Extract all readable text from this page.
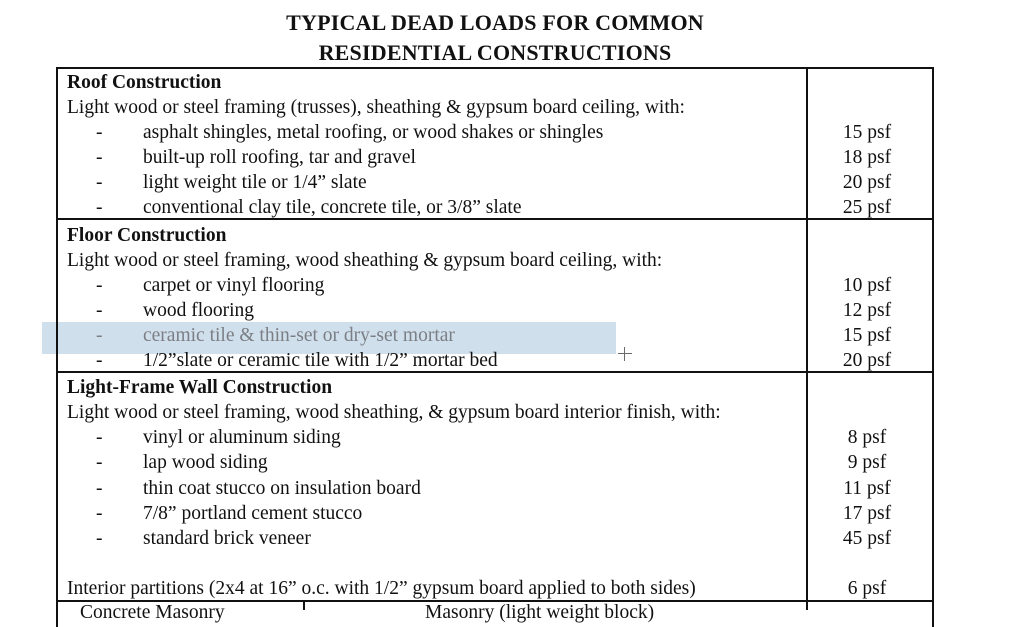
TYPICAL DEAD LOADS FOR COMMON
RESIDENTIAL CONSTRUCTIONS
Roof Construction
Light wood or steel framing (trusses), sheathing & gypsum board ceiling, with:
- asphalt shingles, metal roofing, or wood shakes or shingles	15 psf
- built-up roll roofing, tar and gravel	18 psf
- light weight tile or 1/4” slate	20 psf
- conventional clay tile, concrete tile, or 3/8” slate	25 psf
Floor Construction
Light wood or steel framing, wood sheathing & gypsum board ceiling, with:
- carpet or vinyl flooring	10 psf
- wood flooring	12 psf
- ceramic tile & thin-set or dry-set mortar	15 psf
- 1/2”slate or ceramic tile with 1/2” mortar bed	20 psf
Light-Frame Wall Construction
Light wood or steel framing, wood sheathing, & gypsum board interior finish, with:
- vinyl or aluminum siding	8 psf
- lap wood siding	9 psf
- thin coat stucco on insulation board	11 psf
- 7/8” portland cement stucco	17 psf
- standard brick veneer	45 psf
Interior partitions (2x4 at 16” o.c. with 1/2” gypsum board applied to both sides)	6 psf
Concrete Masonry	Masonry (light weight block)
